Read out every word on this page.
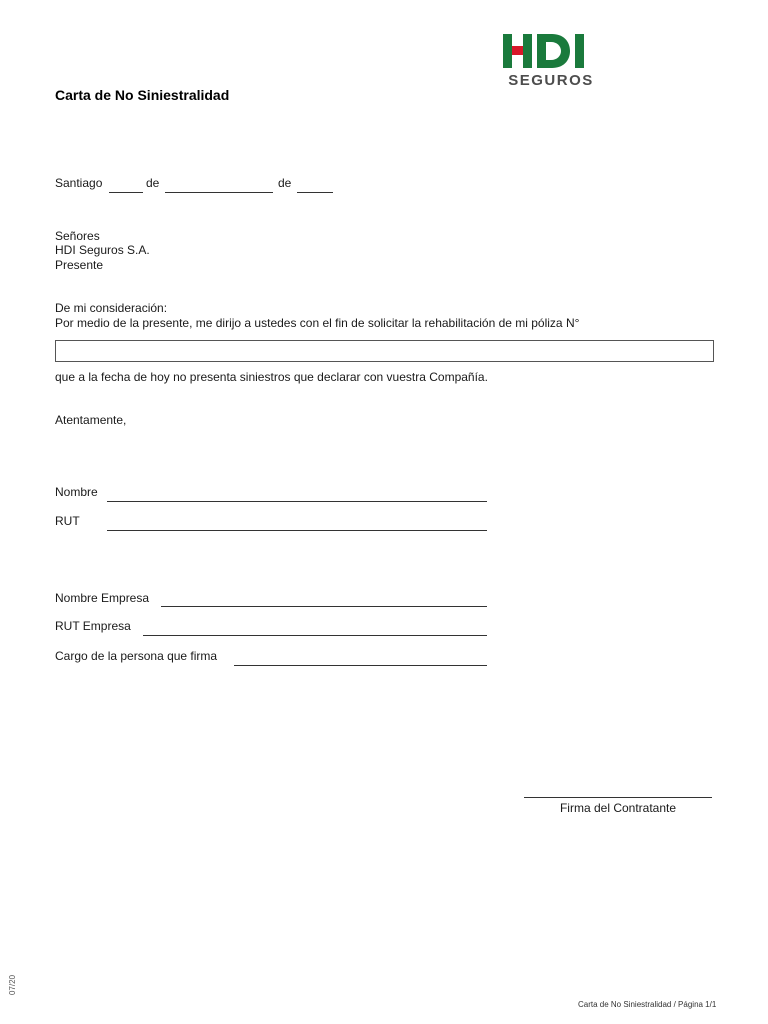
SEGUROS
Carta de No Siniestralidad
Santiago	de	de
Señores
HDI Seguros S.A.
Presente
De mi consideración:
Por medio de la presente, me dirijo a ustedes con el fin de solicitar la rehabilitación de mi póliza N°
que a la fecha de hoy no presenta siniestros que declarar con vuestra Compañía.
Atentamente,
Nombre
RUT
Nombre Empresa
RUT Empresa
Cargo de la persona que firma
Firma del Contratante
07/20
Carta de No Siniestralidad / Página 1/1
